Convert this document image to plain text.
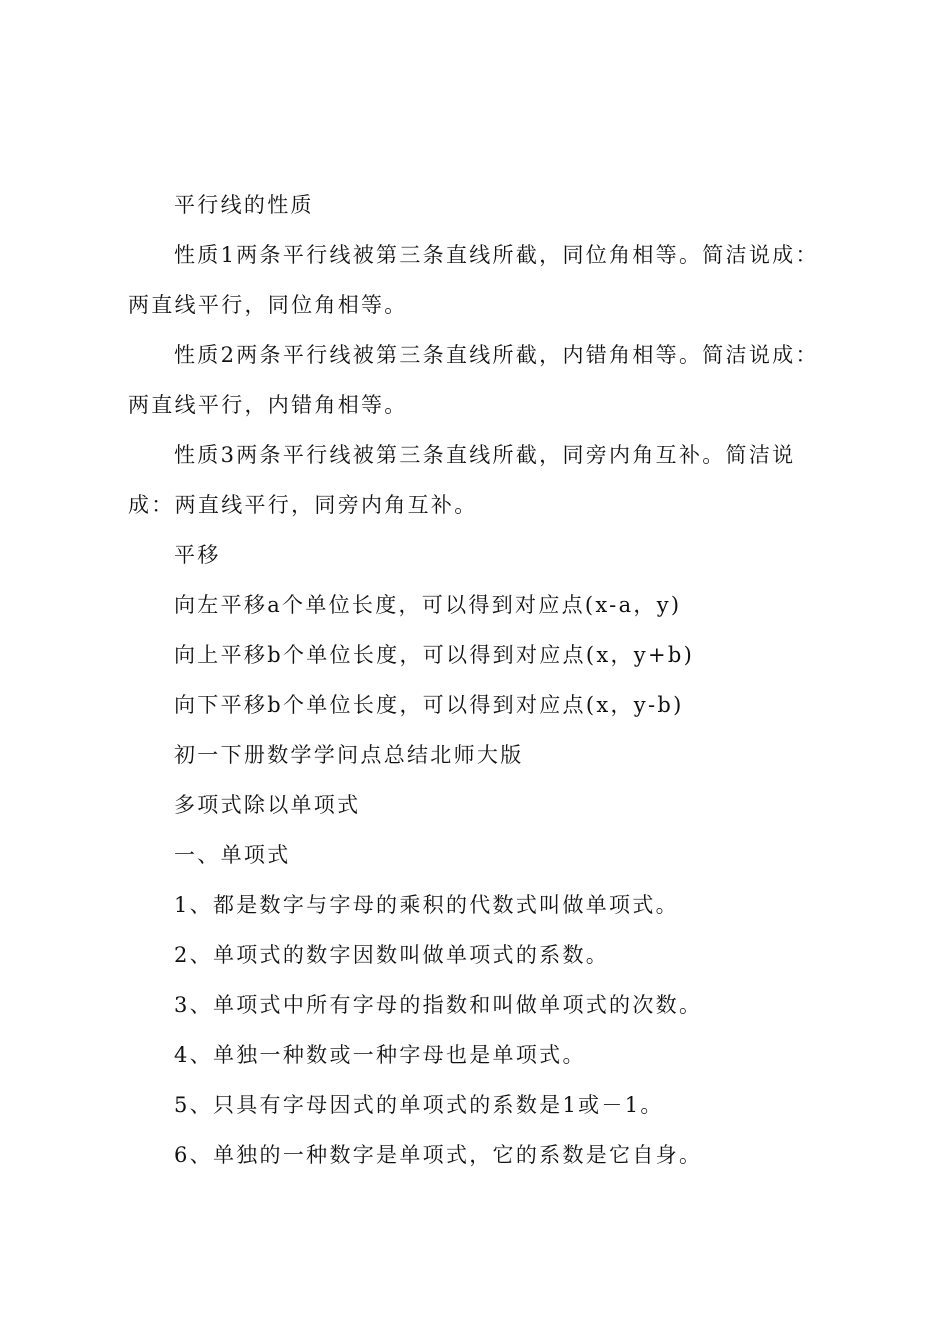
平行线的性质

性质1两条平行线被第三条直线所截，同位角相等。简洁说成：两直线平行，同位角相等。

性质2两条平行线被第三条直线所截，内错角相等。简洁说成：两直线平行，内错角相等。

性质3两条平行线被第三条直线所截，同旁内角互补。简洁说成：两直线平行，同旁内角互补。

平移

向左平移a个单位长度，可以得到对应点(x-a，y)

向上平移b个单位长度，可以得到对应点(x，y+b)

向下平移b个单位长度，可以得到对应点(x，y-b)

初一下册数学学问点总结北师大版

多项式除以单项式

一、单项式

1、都是数字与字母的乘积的代数式叫做单项式。

2、单项式的数字因数叫做单项式的系数。

3、单项式中所有字母的指数和叫做单项式的次数。

4、单独一种数或一种字母也是单项式。

5、只具有字母因式的单项式的系数是1或－1。

6、单独的一种数字是单项式，它的系数是它自身。
